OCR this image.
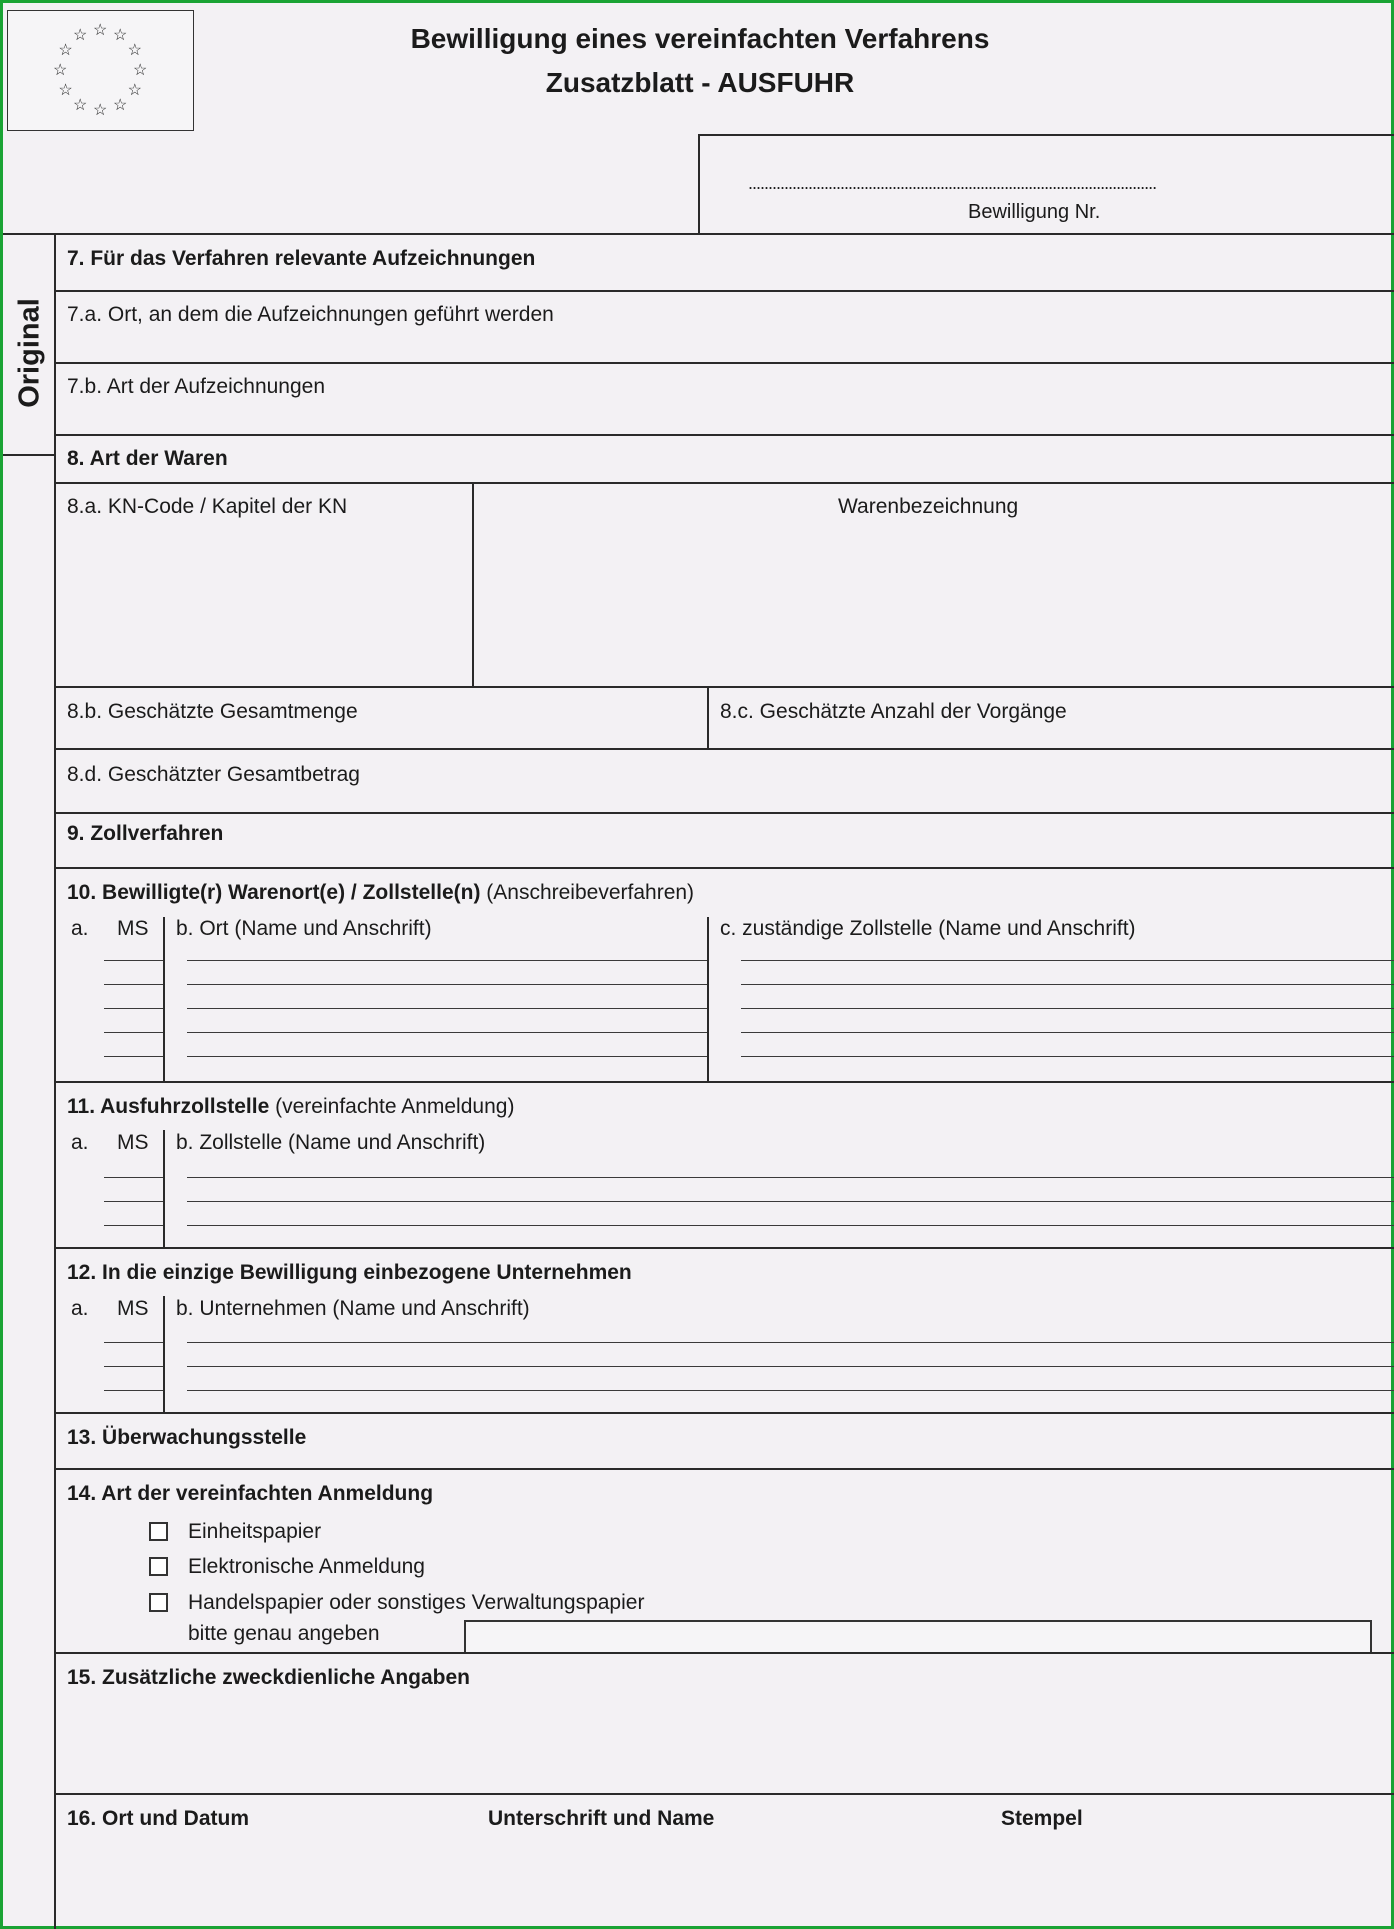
☆ ☆
☆
☆
☆
☆
☆
☆
☆
☆
☆
☆	Bewilligung eines vereinfachten Verfahrens
Zusatzblatt - AUSFUHR
......................................................................................................
Bewilligung Nr.
Original
7. Für das Verfahren relevante Aufzeichnungen
7.a. Ort, an dem die Aufzeichnungen geführt werden
7.b. Art der Aufzeichnungen
8. Art der Waren
8.a. KN-Code / Kapitel der KN	Warenbezeichnung
8.b. Geschätzte Gesamtmenge	8.c. Geschätzte Anzahl der Vorgänge
8.d. Geschätzter Gesamtbetrag
9. Zollverfahren
10. Bewilligte(r) Warenort(e) / Zollstelle(n) (Anschreibeverfahren)
a. MS b. Ort (Name und Anschrift)	c. zuständige Zollstelle (Name und Anschrift)
11. Ausfuhrzollstelle (vereinfachte Anmeldung)
a. MS b. Zollstelle (Name und Anschrift)
12. In die einzige Bewilligung einbezogene Unternehmen
a. MS b. Unternehmen (Name und Anschrift)
13. Überwachungsstelle
14. Art der vereinfachten Anmeldung
Einheitspapier
Elektronische Anmeldung
Handelspapier oder sonstiges Verwaltungspapier
bitte genau angeben
15. Zusätzliche zweckdienliche Angaben
16. Ort und Datum	Unterschrift und Name	Stempel
